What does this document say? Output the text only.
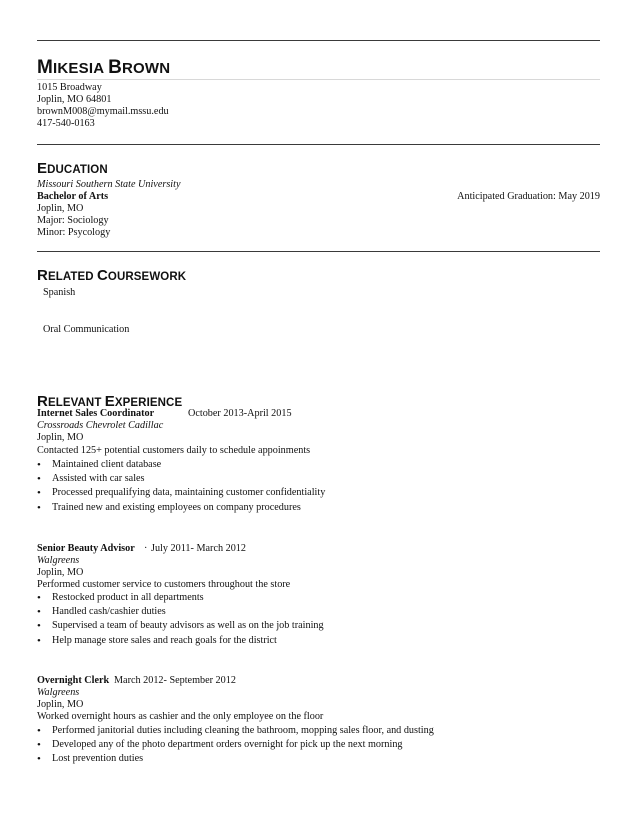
MIKESIA BROWN
1015 Broadway
Joplin, MO 64801
brownM008@mymail.mssu.edu
417-540-0163
EDUCATION
Missouri Southern State University
Bachelor of Arts	Anticipated Graduation: May 2019
Joplin, MO
Major: Sociology
Minor: Psycology
RELATED COURSEWORK
Spanish
Oral Communication
RELEVANT EXPERIENCE
Internet Sales Coordinator	October 2013-April 2015
Crossroads Chevrolet Cadillac
Joplin, MO
Contacted 125+ potential customers daily to schedule appoinments
• Maintained client database
• Assisted with car sales
• Processed prequalifying data, maintaining customer confidentiality
• Trained new and existing employees on company procedures
Senior Beauty Advisor · July 2011- March 2012
Walgreens
Joplin, MO
Performed customer service to customers throughout the store
• Restocked product in all departments
• Handled cash/cashier duties
• Supervised a team of beauty advisors as well as on the job training
• Help manage store sales and reach goals for the district
Overnight Clerk March 2012- September 2012
Walgreens
Joplin, MO
Worked overnight hours as cashier and the only employee on the floor
• Performed janitorial duties including cleaning the bathroom, mopping sales floor, and dusting
• Developed any of the photo department orders overnight for pick up the next morning
• Lost prevention duties
